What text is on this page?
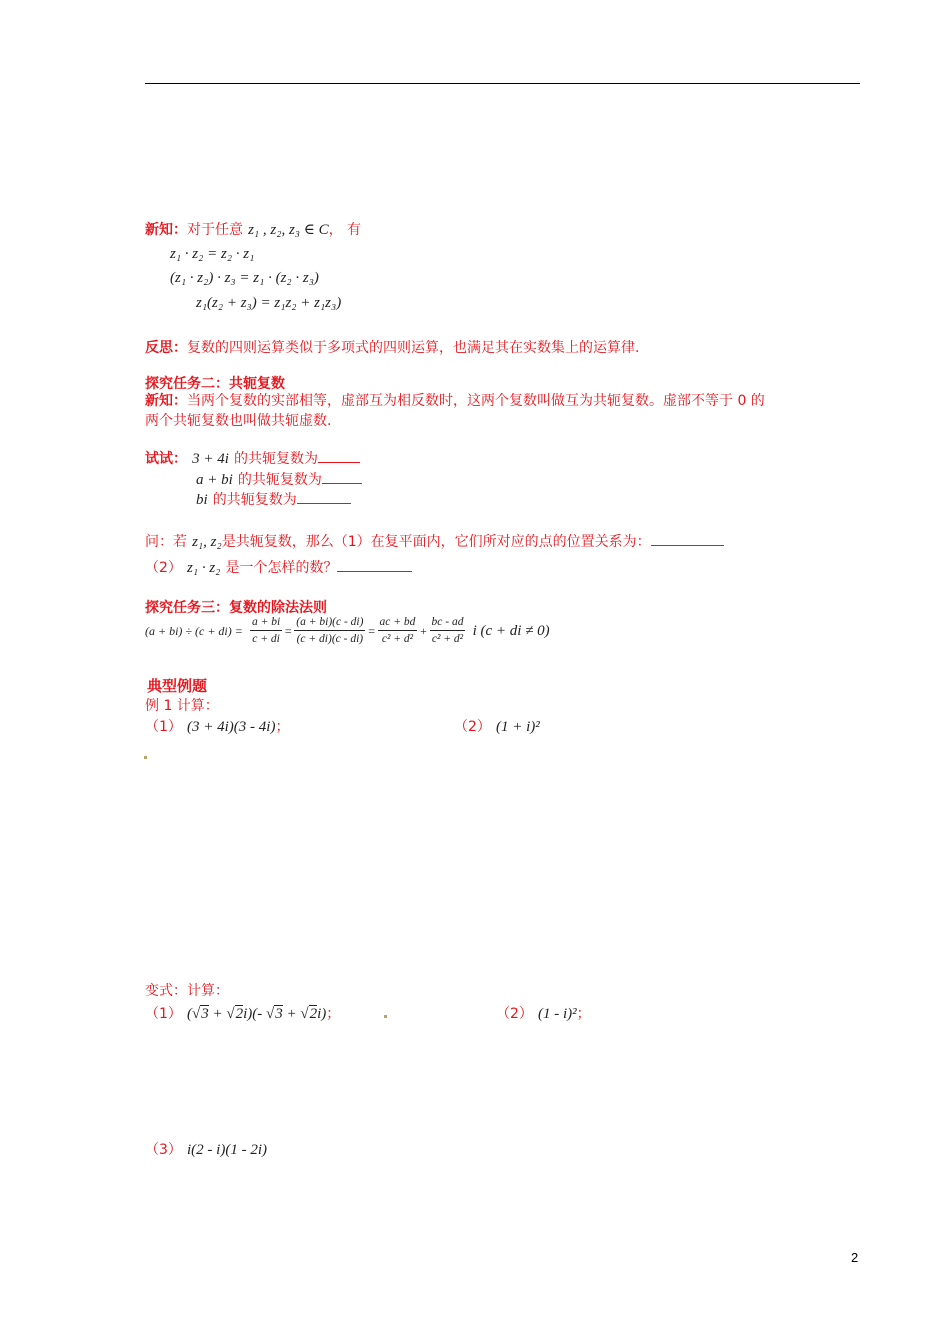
新知：对于任意 z₁ , z₂, z₃ ∈ C， 有
z₁ · z₂ = z₂ · z₁
(z₁ · z₂) · z₃ = z₁ · (z₂ · z₃)
z₁(z₂ + z₃) = z₁z₂ + z₁z₃)
反思：复数的四则运算类似于多项式的四则运算，也满足其在实数集上的运算律.
探究任务二：共轭复数
新知：当两个复数的实部相等，虚部互为相反数时，这两个复数叫做互为共轭复数。虚部不等于 0 的
两个共轭复数也叫做共轭虚数.
试试： 3 + 4i 的共轭复数为
a + bi 的共轭复数为
bi 的共轭复数为
问：若 z₁, z₂是共轭复数，那么（1）在复平面内，它们所对应的点的位置关系为：
（2） z₁ · z₂ 是一个怎样的数？
探究任务三：复数的除法法则
$(a + bi) \div (c + di) = \frac{a + bi}{c + di} = \frac{(a + bi)(c - di)}{(c + di)(c - di)} = \frac{ac + bd}{\text{c² + d²}} + \frac{bc - ad}{\text{c² + d²}}$ i (c + di ≠ 0)
典型例题
例 1 计算：
（1） (3 + 4i)(3 - 4i)；	（2） (1 + i)²
变式：计算：
（1） (√3 + √2i)(- √3 + √2i)；	（2） (1 - i)²；
（3） i(2 - i)(1 - 2i)
2
